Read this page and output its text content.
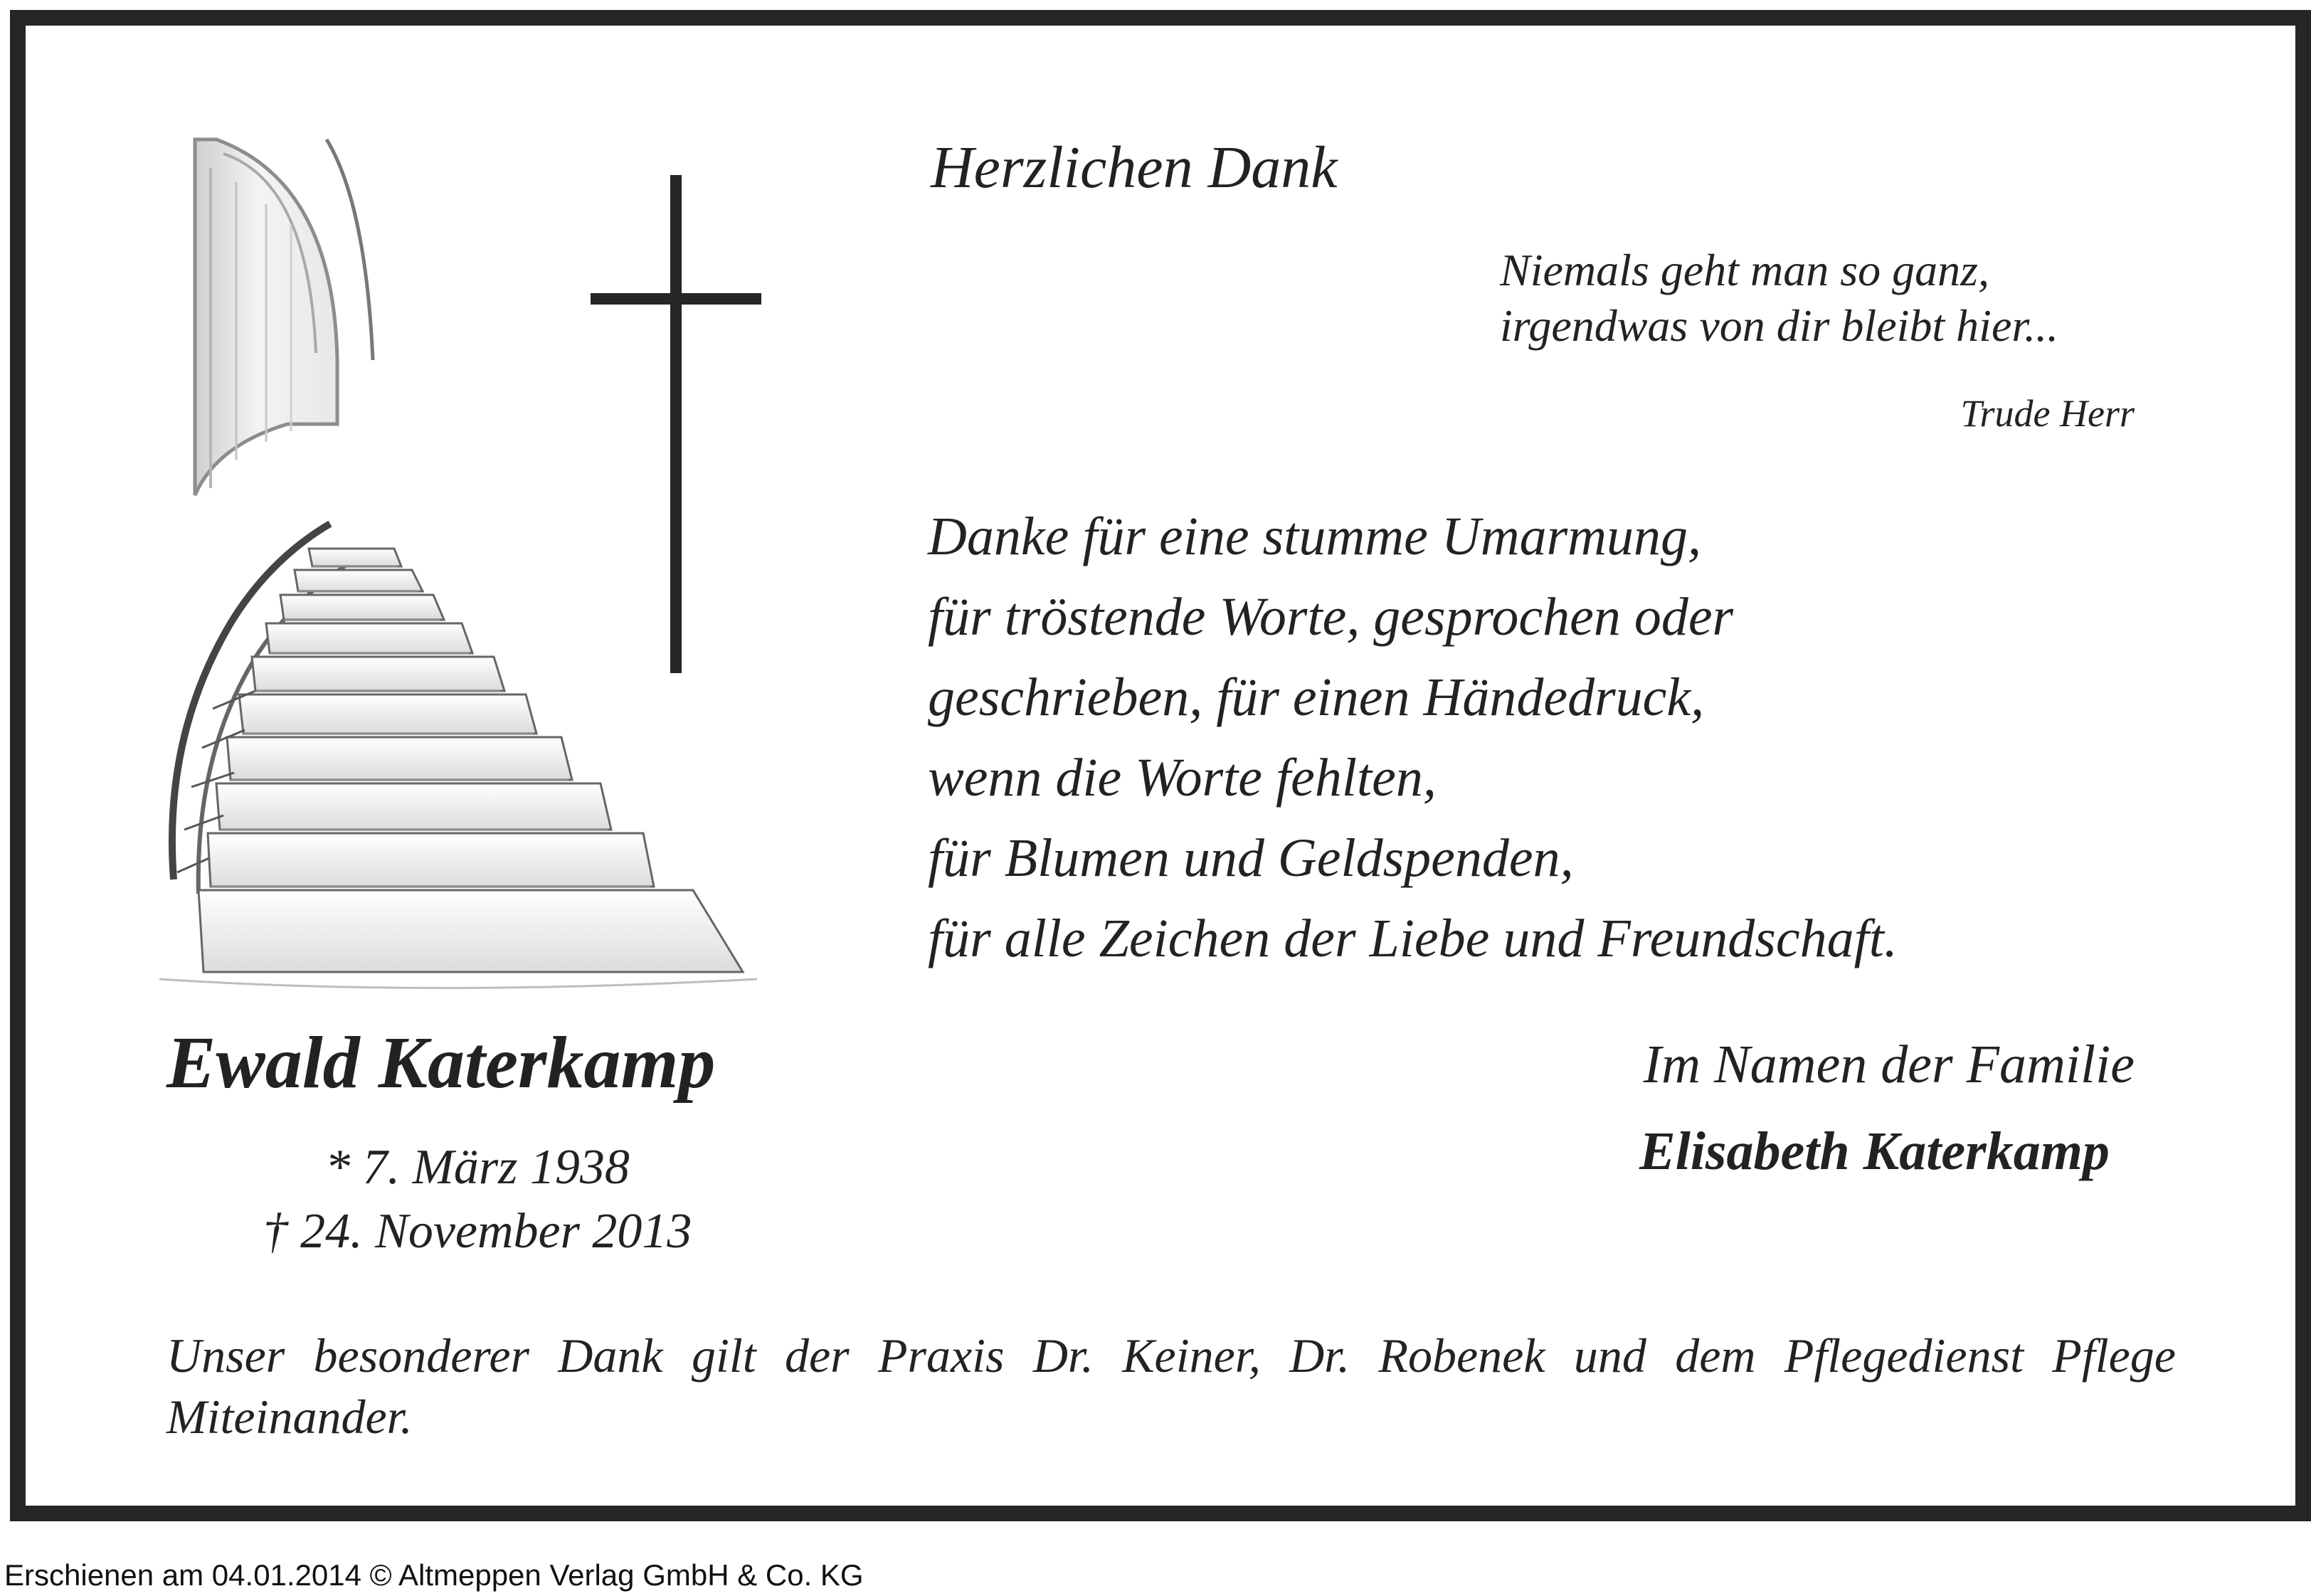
Herzlichen Dank
Niemals geht man so ganz,
irgendwas von dir bleibt hier...
Trude Herr
Danke für eine stumme Umarmung,
für tröstende Worte, gesprochen oder
geschrieben, für einen Händedruck,
wenn die Worte fehlten,
für Blumen und Geldspenden,
für alle Zeichen der Liebe und Freundschaft.
Ewald Katerkamp
* 7. März 1938
† 24. November 2013
Im Namen der Familie
Elisabeth Katerkamp
Unser besonderer Dank gilt der Praxis Dr. Keiner, Dr. Robenek und dem Pflegedienst Pflege Miteinander.
Erschienen am 04.01.2014 © Altmeppen Verlag GmbH & Co. KG
